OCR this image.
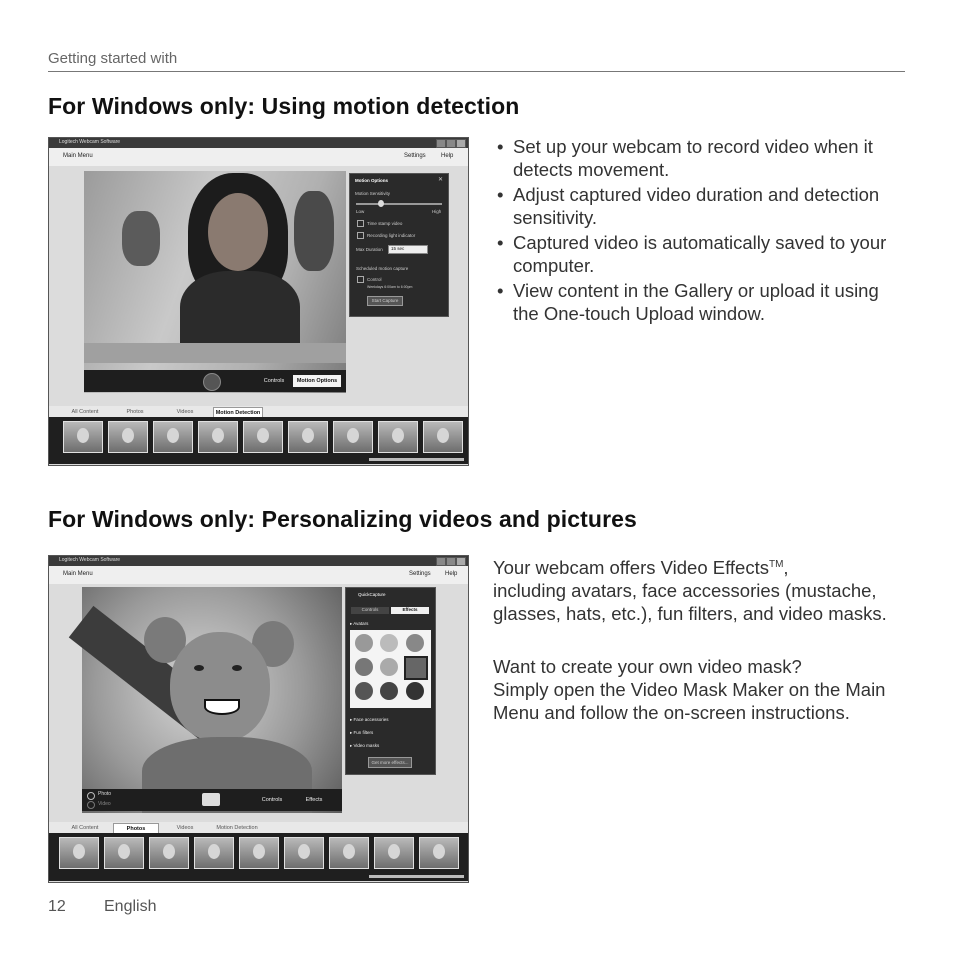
Getting started with
For Windows only: Using motion detection
Logitech Webcam Software
Main Menu	Settings	Help
Controls	Motion Options
Motion Options	✕
Motion Sensitivity
Low	High
Time stamp video
Recording light indicator
Max Duration	15 sec
Scheduled motion capture
Control
Weekdays 6:00am to 6:00pm
Start Capture
All Content	Photos	Videos	Motion Detection
• Set up your webcam to record video when it detects movement.
• Adjust captured video duration and detection sensitivity.
• Captured video is automatically saved to your computer.
• View content in the Gallery or upload it using the One-touch Upload window.
For Windows only: Personalizing videos and pictures
Logitech Webcam Software
Main Menu	Settings Help
Photo
Video
Controls	Effects
QuickCapture
Controls	Effects
▸ Avatars
▸ Face accessories
▸ Fun filters
▸ Video masks
Get more effects...
All Content	Photos	Videos	Motion Detection
Your webcam offers Video Effects™,
including avatars, face accessories (mustache,
glasses, hats, etc.), fun filters, and video masks.
Want to create your own video mask?
Simply open the Video Mask Maker on the Main
Menu and follow the on-screen instructions.
12 English
